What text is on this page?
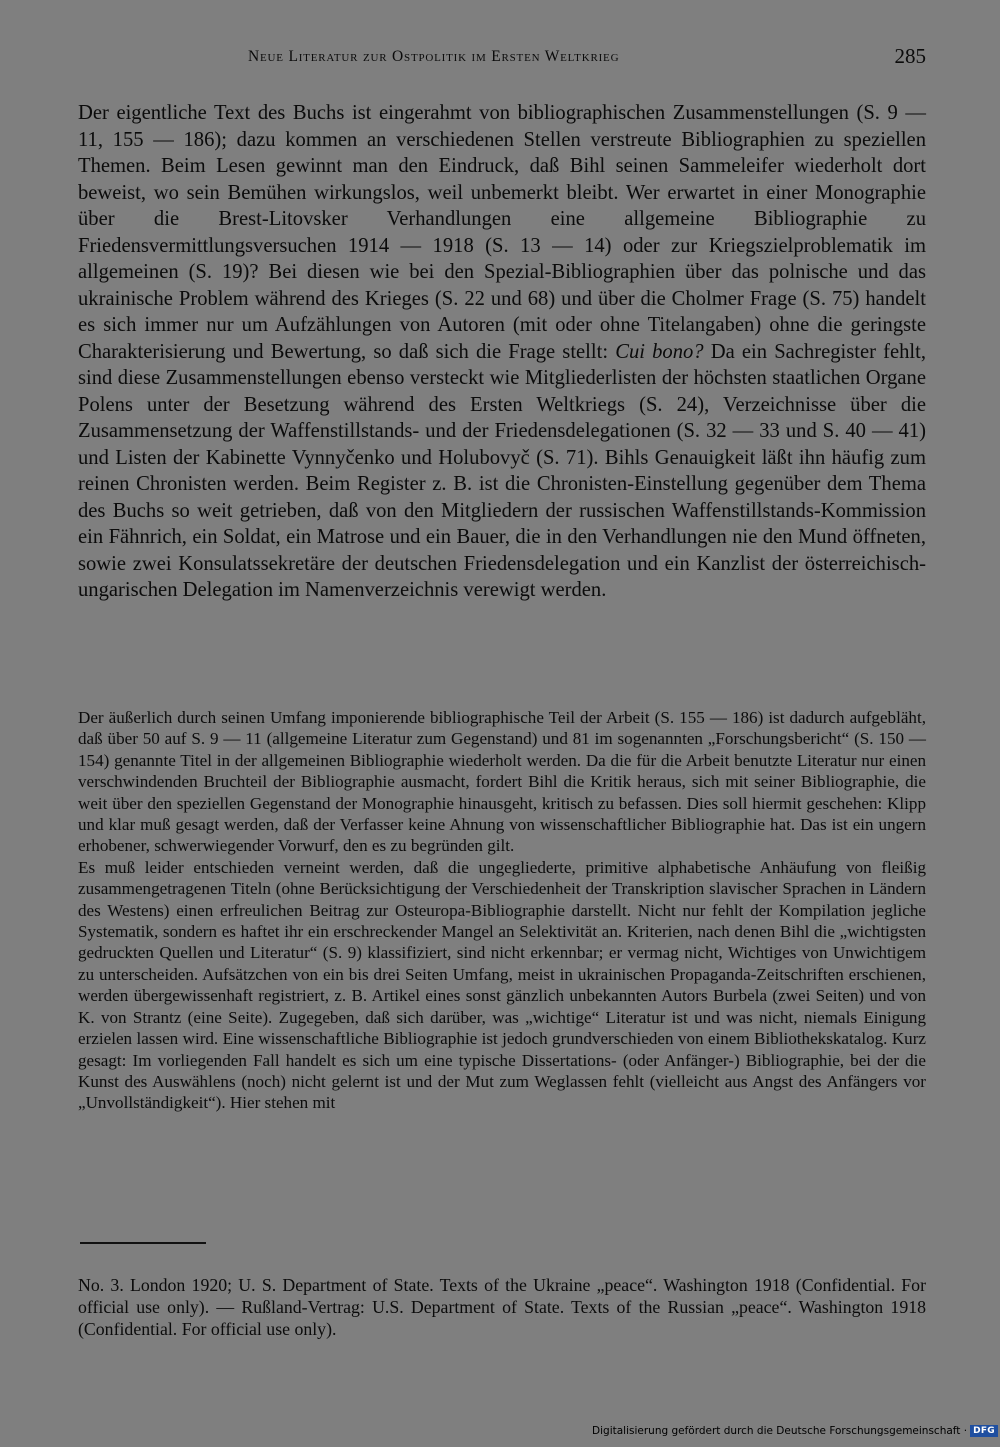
Neue Literatur zur Ostpolitik im Ersten Weltkrieg	285

Der eigentliche Text des Buchs ist eingerahmt von bibliographischen Zusammenstellungen (S. 9 — 11, 155 — 186); dazu kommen an verschiedenen Stellen verstreute Bibliographien zu speziellen Themen. Beim Lesen gewinnt man den Eindruck, daß Bihl seinen Sammeleifer wiederholt dort beweist, wo sein Bemühen wirkungslos, weil unbemerkt bleibt. Wer erwartet in einer Monographie über die Brest-Litovsker Verhandlungen eine allgemeine Bibliographie zu Friedensvermittlungsversuchen 1914 — 1918 (S. 13 — 14) oder zur Kriegszielproblematik im allgemeinen (S. 19)? Bei diesen wie bei den Spezial-Bibliographien über das polnische und das ukrainische Problem während des Krieges (S. 22 und 68) und über die Cholmer Frage (S. 75) handelt es sich immer nur um Aufzählungen von Autoren (mit oder ohne Titelangaben) ohne die geringste Charakterisierung und Bewertung, so daß sich die Frage stellt: Cui bono? Da ein Sachregister fehlt, sind diese Zusammenstellungen ebenso versteckt wie Mitgliederlisten der höchsten staatlichen Organe Polens unter der Besetzung während des Ersten Weltkriegs (S. 24), Verzeichnisse über die Zusammensetzung der Waffenstillstands- und der Friedensdelegationen (S. 32 — 33 und S. 40 — 41) und Listen der Kabinette Vynnyčenko und Holubovyč (S. 71). Bihls Genauigkeit läßt ihn häufig zum reinen Chronisten werden. Beim Register z. B. ist die Chronisten-Einstellung gegenüber dem Thema des Buchs so weit getrieben, daß von den Mitgliedern der russischen Waffenstillstands-Kommission ein Fähnrich, ein Soldat, ein Matrose und ein Bauer, die in den Verhandlungen nie den Mund öffneten, sowie zwei Konsulatssekretäre der deutschen Friedensdelegation und ein Kanzlist der österreichisch-ungarischen Delegation im Namenverzeichnis verewigt werden.

Der äußerlich durch seinen Umfang imponierende bibliographische Teil der Arbeit (S. 155 — 186) ist dadurch aufgebläht, daß über 50 auf S. 9 — 11 (allgemeine Literatur zum Gegenstand) und 81 im sogenannten „Forschungsbericht“ (S. 150 — 154) genannte Titel in der allgemeinen Bibliographie wiederholt werden. Da die für die Arbeit benutzte Literatur nur einen verschwindenden Bruchteil der Bibliographie ausmacht, fordert Bihl die Kritik heraus, sich mit seiner Bibliographie, die weit über den speziellen Gegenstand der Monographie hinausgeht, kritisch zu befassen. Dies soll hiermit geschehen: Klipp und klar muß gesagt werden, daß der Verfasser keine Ahnung von wissenschaftlicher Bibliographie hat. Das ist ein ungern erhobener, schwerwiegender Vorwurf, den es zu begründen gilt.

Es muß leider entschieden verneint werden, daß die ungegliederte, primitive alphabetische Anhäufung von fleißig zusammengetragenen Titeln (ohne Berücksichtigung der Verschiedenheit der Transkription slavischer Sprachen in Ländern des Westens) einen erfreulichen Beitrag zur Osteuropa-Bibliographie darstellt. Nicht nur fehlt der Kompilation jegliche Systematik, sondern es haftet ihr ein erschreckender Mangel an Selektivität an. Kriterien, nach denen Bihl die „wichtigsten gedruckten Quellen und Literatur“ (S. 9) klassifiziert, sind nicht erkennbar; er vermag nicht, Wichtiges von Unwichtigem zu unterscheiden. Aufsätzchen von ein bis drei Seiten Umfang, meist in ukrainischen Propaganda-Zeitschriften erschienen, werden übergewissenhaft registriert, z. B. Artikel eines sonst gänzlich unbekannten Autors Burbela (zwei Seiten) und von K. von Strantz (eine Seite). Zugegeben, daß sich darüber, was „wichtige“ Literatur ist und was nicht, niemals Einigung erzielen lassen wird. Eine wissenschaftliche Bibliographie ist jedoch grundverschieden von einem Bibliothekskatalog. Kurz gesagt: Im vorliegenden Fall handelt es sich um eine typische Dissertations- (oder Anfänger-) Bibliographie, bei der die Kunst des Auswählens (noch) nicht gelernt ist und der Mut zum Weglassen fehlt (vielleicht aus Angst des Anfängers vor „Unvollständigkeit“). Hier stehen mit

No. 3. London 1920; U. S. Department of State. Texts of the Ukraine „peace“. Washington 1918 (Confidential. For official use only). — Rußland-Vertrag: U.S. Department of State. Texts of the Russian „peace“. Washington 1918 (Confidential. For official use only).

Digitalisierung gefördert durch die Deutsche Forschungsgemeinschaft · DFG
